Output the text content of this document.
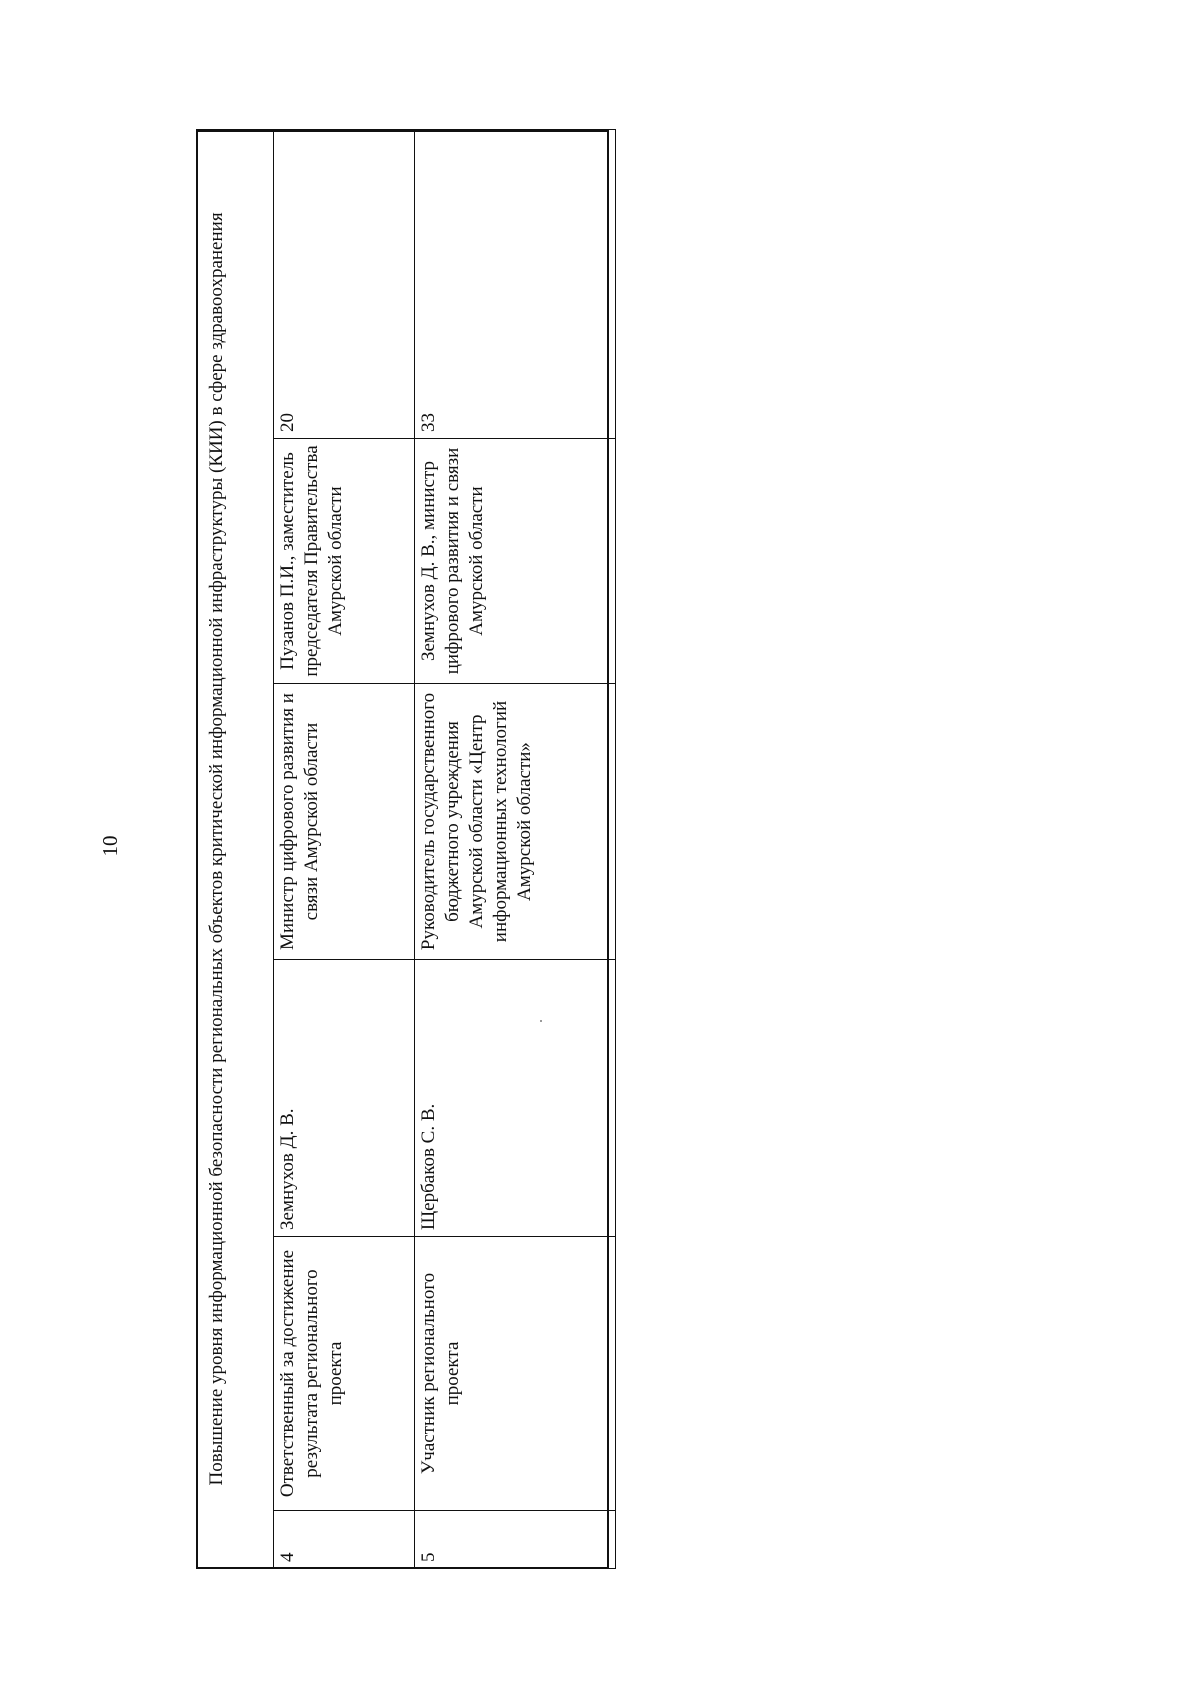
10	Повышение уровня информационной безопасности региональных объектов критической информационной инфраструктуры (КИИ) в сфере здравоохранения					
4	Ответственный за достижение результата регионального проекта	Земнухов Д. В.	Министр цифрового развития и связи Амурской области	Пузанов П.И., заместитель председателя Правительства Амурской области	20
5	Участник регионального проекта	Щербаков С. В.	Руководитель государственного бюджетного учреждения Амурской области «Центр информационных технологий Амурской области»	Земнухов Д. В., министр цифрового развития и связи Амурской области	33
